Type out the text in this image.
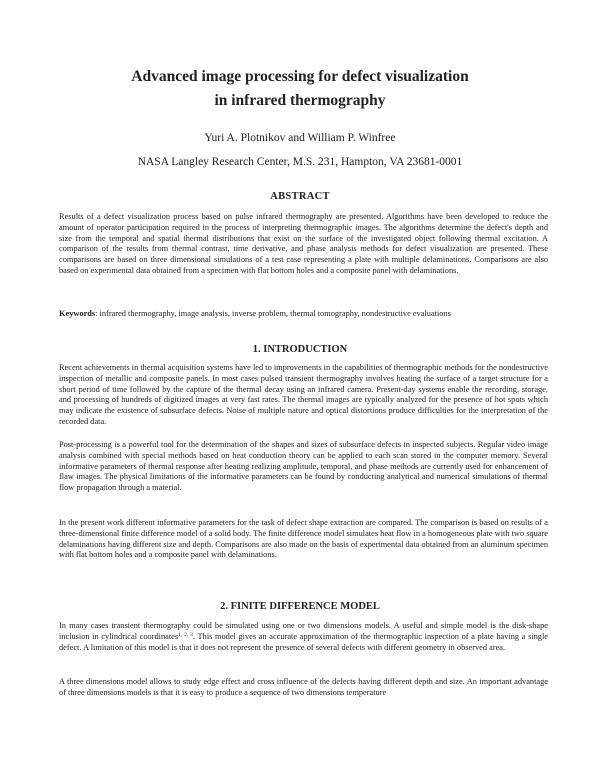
Advanced image processing for defect visualization
in infrared thermography
Yuri A. Plotnikov and William P. Winfree
NASA Langley Research Center, M.S. 231, Hampton, VA 23681-0001
ABSTRACT

Results of a defect visualization process based on pulse infrared thermography are presented. Algorithms have been developed to reduce the amount of operator participation required in the process of interpreting thermographic images. The algorithms determine the defect's depth and size from the temporal and spatial thermal distributions that exist on the surface of the investigated object following thermal excitation. A comparison of the results from thermal contrast, time derivative, and phase analysis methods for defect visualization are presented. These comparisons are based on three dimensional simulations of a test case representing a plate with multiple delaminations. Comparisons are also based on experimental data obtained from a specimen with flat bottom holes and a composite panel with delaminations.

Keywords: infrared thermography, image analysis, inverse problem, thermal tomography, nondestructive evaluations

1. INTRODUCTION

Recent achievements in thermal acquisition systems have led to improvements in the capabilities of thermographic methods for the nondestructive inspection of metallic and composite panels. In most cases pulsed transient thermography involves heating the surface of a target structure for a short period of time followed by the capture of the thermal decay using an infrared camera. Present-day systems enable the recording, storage, and processing of hundreds of digitized images at very fast rates. The thermal images are typically analyzed for the presence of hot spots which may indicate the existence of subsurface defects. Noise of multiple nature and optical distortions produce difficulties for the interpretation of the recorded data.

Post-processing is a powerful tool for the determination of the shapes and sizes of subsurface defects in inspected subjects. Regular video image analysis combined with special methods based on heat conduction theory can be applied to each scan stored in the computer memory. Several informative parameters of thermal response after heating realizing amplitude, temporal, and phase methods are currently used for enhancement of flaw images. The physical limitations of the informative parameters can be found by conducting analytical and numerical simulations of thermal flow propagation through a material.

In the present work different informative parameters for the task of defect shape extraction are compared. The comparison is based on results of a three-dimensional finite difference model of a solid body. The finite difference model simulates heat flow in a homogeneous plate with two square delaminations having different size and depth. Comparisons are also made on the basis of experimental data obtained from an aluminum specimen with flat bottom holes and a composite panel with delaminations.

2. FINITE DIFFERENCE MODEL

In many cases transient thermography could be simulated using one or two dimensions models. A useful and simple model is the disk-shape inclusion in cylindrical coordinates$^{1, 2, 3}$. This model gives an accurate approximation of the thermographic inspection of a plate having a single defect. A limitation of this model is that it does not represent the presence of several defects with different geometry in observed area.

A three dimensions model allows to study edge effect and cross influence of the defects having different depth and size. An important advantage of three dimensions models is that it is easy to produce a sequence of two dimensions temperature
